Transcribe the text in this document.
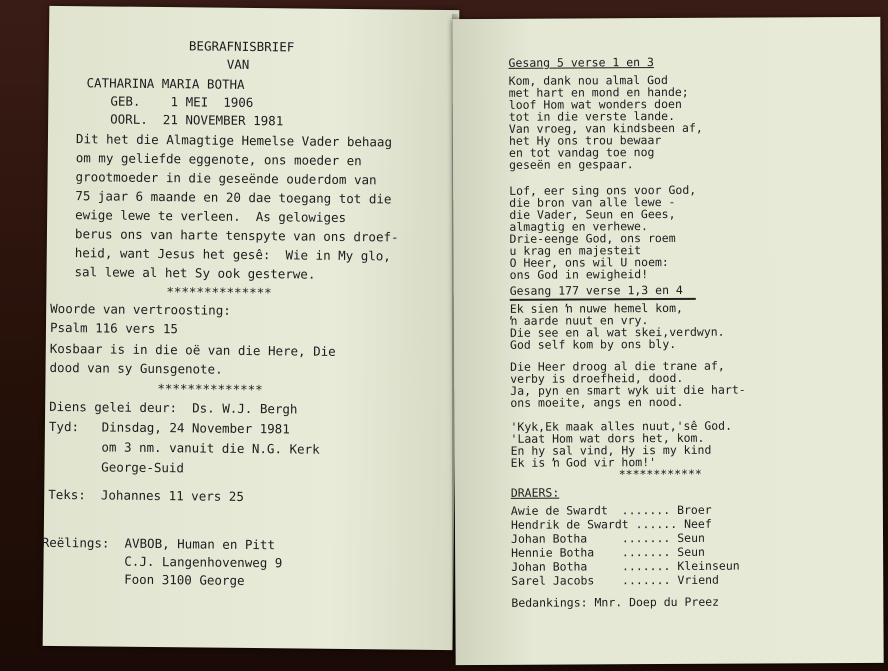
BEGRAFNISBRIEF
VAN
CATHARINA MARIA BOTHA
GEB.    1 MEI  1906
OORL.  21 NOVEMBER 1981
Dit het die Almagtige Hemelse Vader behaag
om my geliefde eggenote, ons moeder en
grootmoeder in die geseënde ouderdom van
75 jaar 6 maande en 20 dae toegang tot die
ewige lewe te verleen.  As gelowiges
berus ons van harte tenspyte van ons droef-
heid, want Jesus het gesê:  Wie in My glo,
sal lewe al het Sy ook gesterwe.
**************
Woorde van vertroosting:
Psalm 116 vers 15
Kosbaar is in die oë van die Here, Die
dood van sy Gunsgenote.
**************
Diens gelei deur:  Ds. W.J. Bergh
Tyd:   Dinsdag, 24 November 1981
om 3 nm. vanuit die N.G. Kerk
George-Suid
Teks:  Johannes 11 vers 25
Reëlings:  AVBOB, Human en Pitt
C.J. Langenhovenweg 9
Foon 3100 George
Gesang 5 verse 1 en 3
Kom, dank nou almal God
met hart en mond en hande;
loof Hom wat wonders doen
tot in die verste lande.
Van vroeg, van kindsbeen af,
het Hy ons trou bewaar
en tot vandag toe nog
geseën en gespaar.
Lof, eer sing ons voor God,
die bron van alle lewe -
die Vader, Seun en Gees,
almagtig en verhewe.
Drie-eenge God, ons roem
u krag en majesteit
O Heer, ons wil U noem:
ons God in ewigheid!
Gesang 177 verse 1,3 en 4
Ek sien ŉ nuwe hemel kom,
ŉ aarde nuut en vry.
Die see en al wat skei,verdwyn.
God self kom by ons bly.
Die Heer droog al die trane af,
verby is droefheid, dood.
Ja, pyn en smart wyk uit die hart-
ons moeite, angs en nood.
'Kyk,Ek maak alles nuut,'sê God.
'Laat Hom wat dors het, kom.
En hy sal vind, Hy is my kind
Ek is ŉ God vir hom!'
************
DRAERS:
Awie de Swardt  ....... Broer
Hendrik de Swardt ...... Neef
Johan Botha     ....... Seun
Hennie Botha    ....... Seun
Johan Botha     ....... Kleinseun
Sarel Jacobs    ....... Vriend
Bedankings: Mnr. Doep du Preez
